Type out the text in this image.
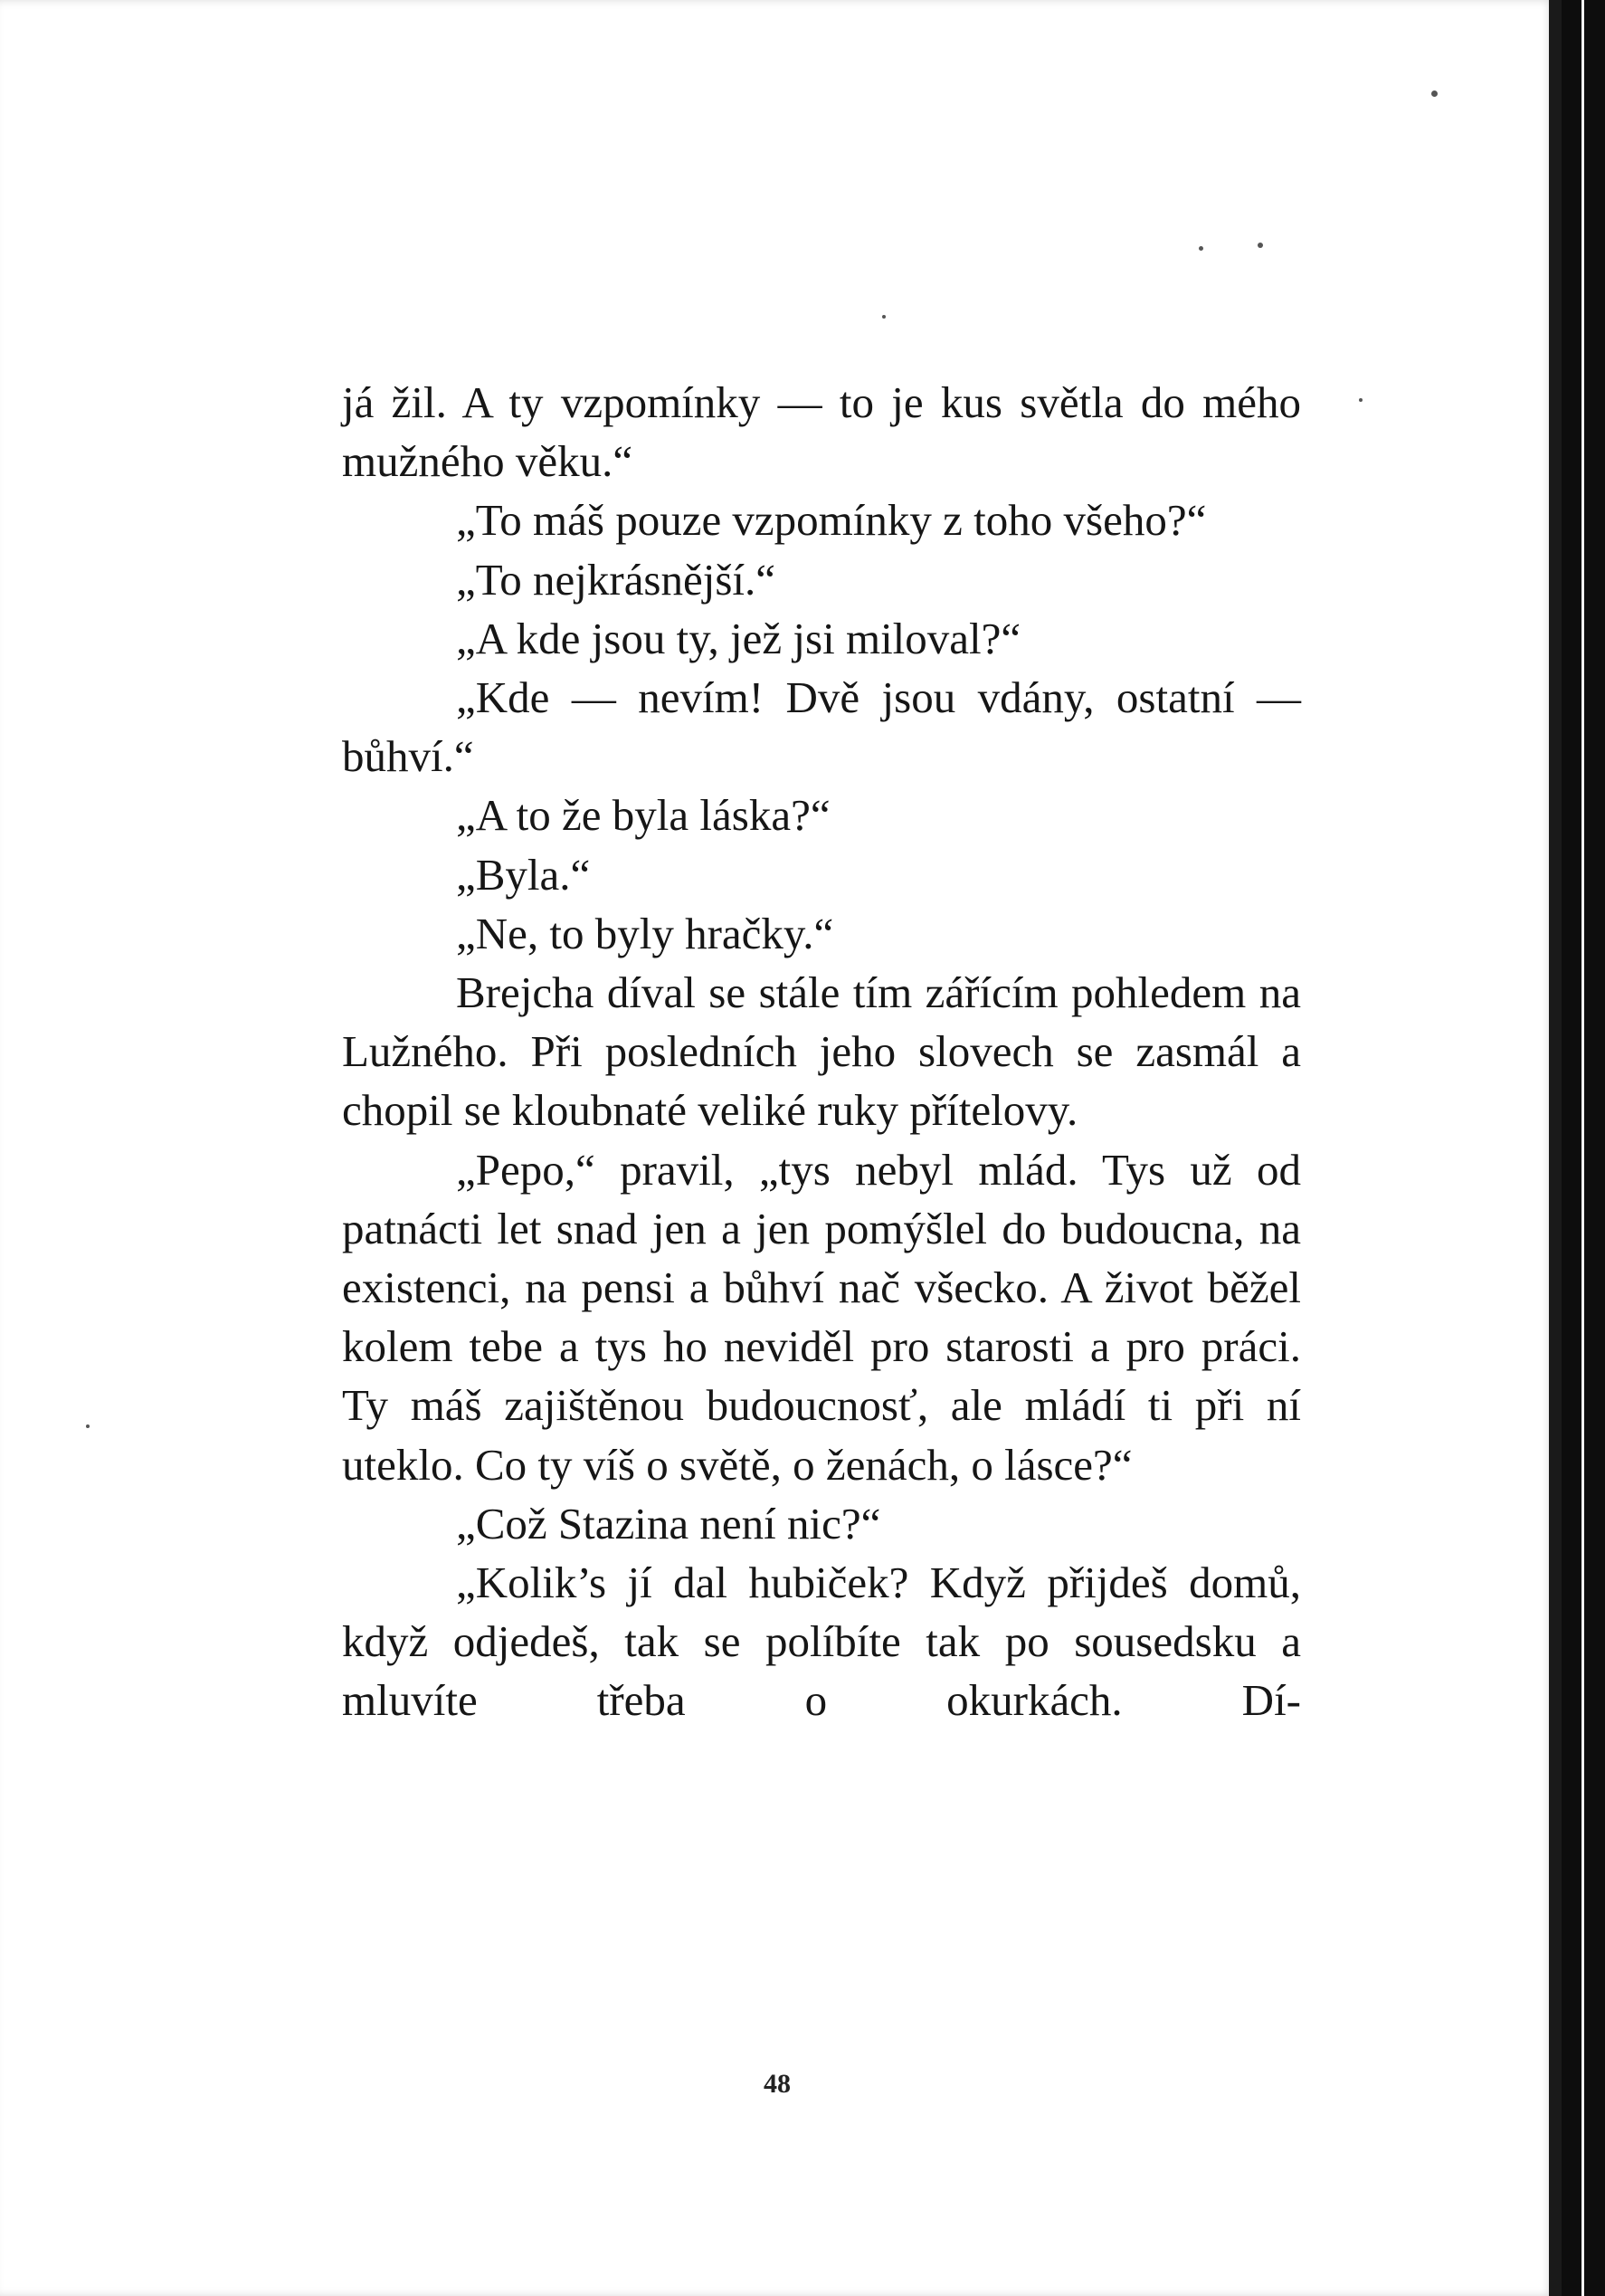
já žil. A ty vzpomínky — to je kus světla do mého mužného věku.“

„To máš pouze vzpomínky z toho všeho?“

„To nejkrásnější.“

„A kde jsou ty, jež jsi miloval?“

„Kde — nevím! Dvě jsou vdány, ostatní — bůhví.“

„A to že byla láska?“

„Byla.“

„Ne, to byly hračky.“

Brejcha díval se stále tím zářícím pohledem na Lužného. Při posledních jeho slovech se zasmál a chopil se kloubnaté veliké ruky přítelovy.

„Pepo,“ pravil, „tys nebyl mlád. Tys už od patnácti let snad jen a jen pomýšlel do budoucna, na existenci, na pensi a bůhví nač všecko. A život běžel kolem tebe a tys ho neviděl pro starosti a pro práci. Ty máš zajištěnou budoucnosť, ale mládí ti při ní uteklo. Co ty víš o světě, o ženách, o lásce?“

„Což Stazina není nic?“

„Kolik’s jí dal hubiček? Když přijdeš domů, když odjedeš, tak se políbíte tak po sousedsku a mluvíte třeba o okurkách. Dí-

48
